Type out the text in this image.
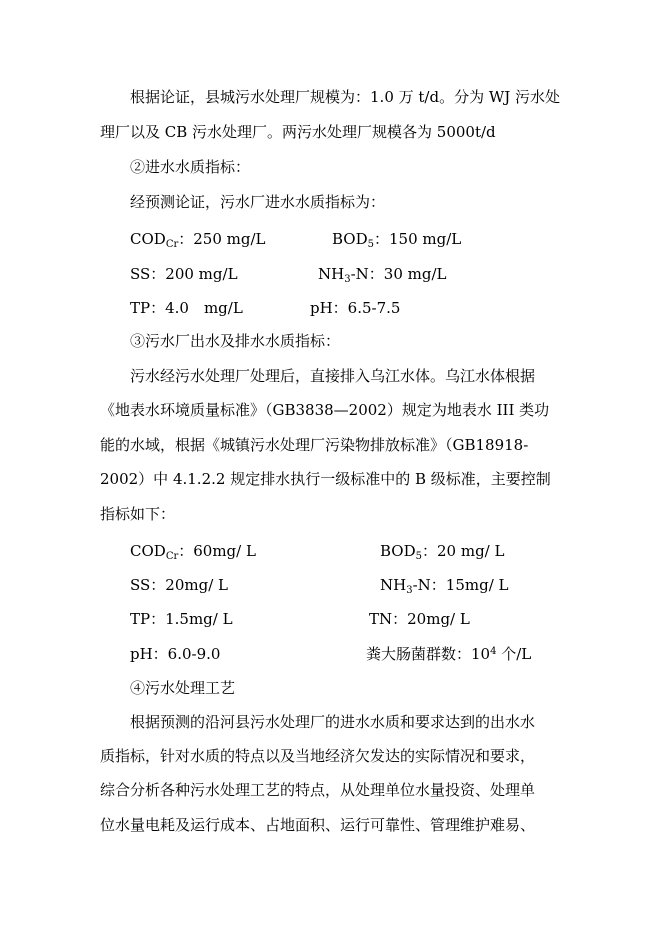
根据论证，县城污水处理厂规模为：1.0 万 t/d。分为 WJ 污水处
理厂以及 CB 污水处理厂。两污水处理厂规模各为 5000t/d
②进水水质指标：
经预测论证，污水厂进水水质指标为：
$COD_{Cr}$：250 mg/L	$BOD_5$：150 mg/L
SS：200 mg/L	$NH_3-N$：30 mg/L
TP：4.0　mg/L	pH：6.5-7.5
③污水厂出水及排水水质指标：
污水经污水处理厂处理后，直接排入乌江水体。乌江水体根据
《地表水环境质量标准》（GB3838—2002）规定为地表水 III 类功
能的水域，根据《城镇污水处理厂污染物排放标准》（GB18918-
2002）中 4.1.2.2 规定排水执行一级标准中的 B 级标准，主要控制
指标如下：
$COD_{Cr}$：60mg/ L	$BOD_5$：20 mg/ L
SS：20mg/ L	$NH_3-N$：15mg/ L
TP：1.5mg/ L	TN：20mg/ L
pH：6.0-9.0	粪大肠菌群数：$10^4$ 个/L
④污水处理工艺
根据预测的沿河县污水处理厂的进水水质和要求达到的出水水
质指标，针对水质的特点以及当地经济欠发达的实际情况和要求，
综合分析各种污水处理工艺的特点，从处理单位水量投资、处理单
位水量电耗及运行成本、占地面积、运行可靠性、管理维护难易、
